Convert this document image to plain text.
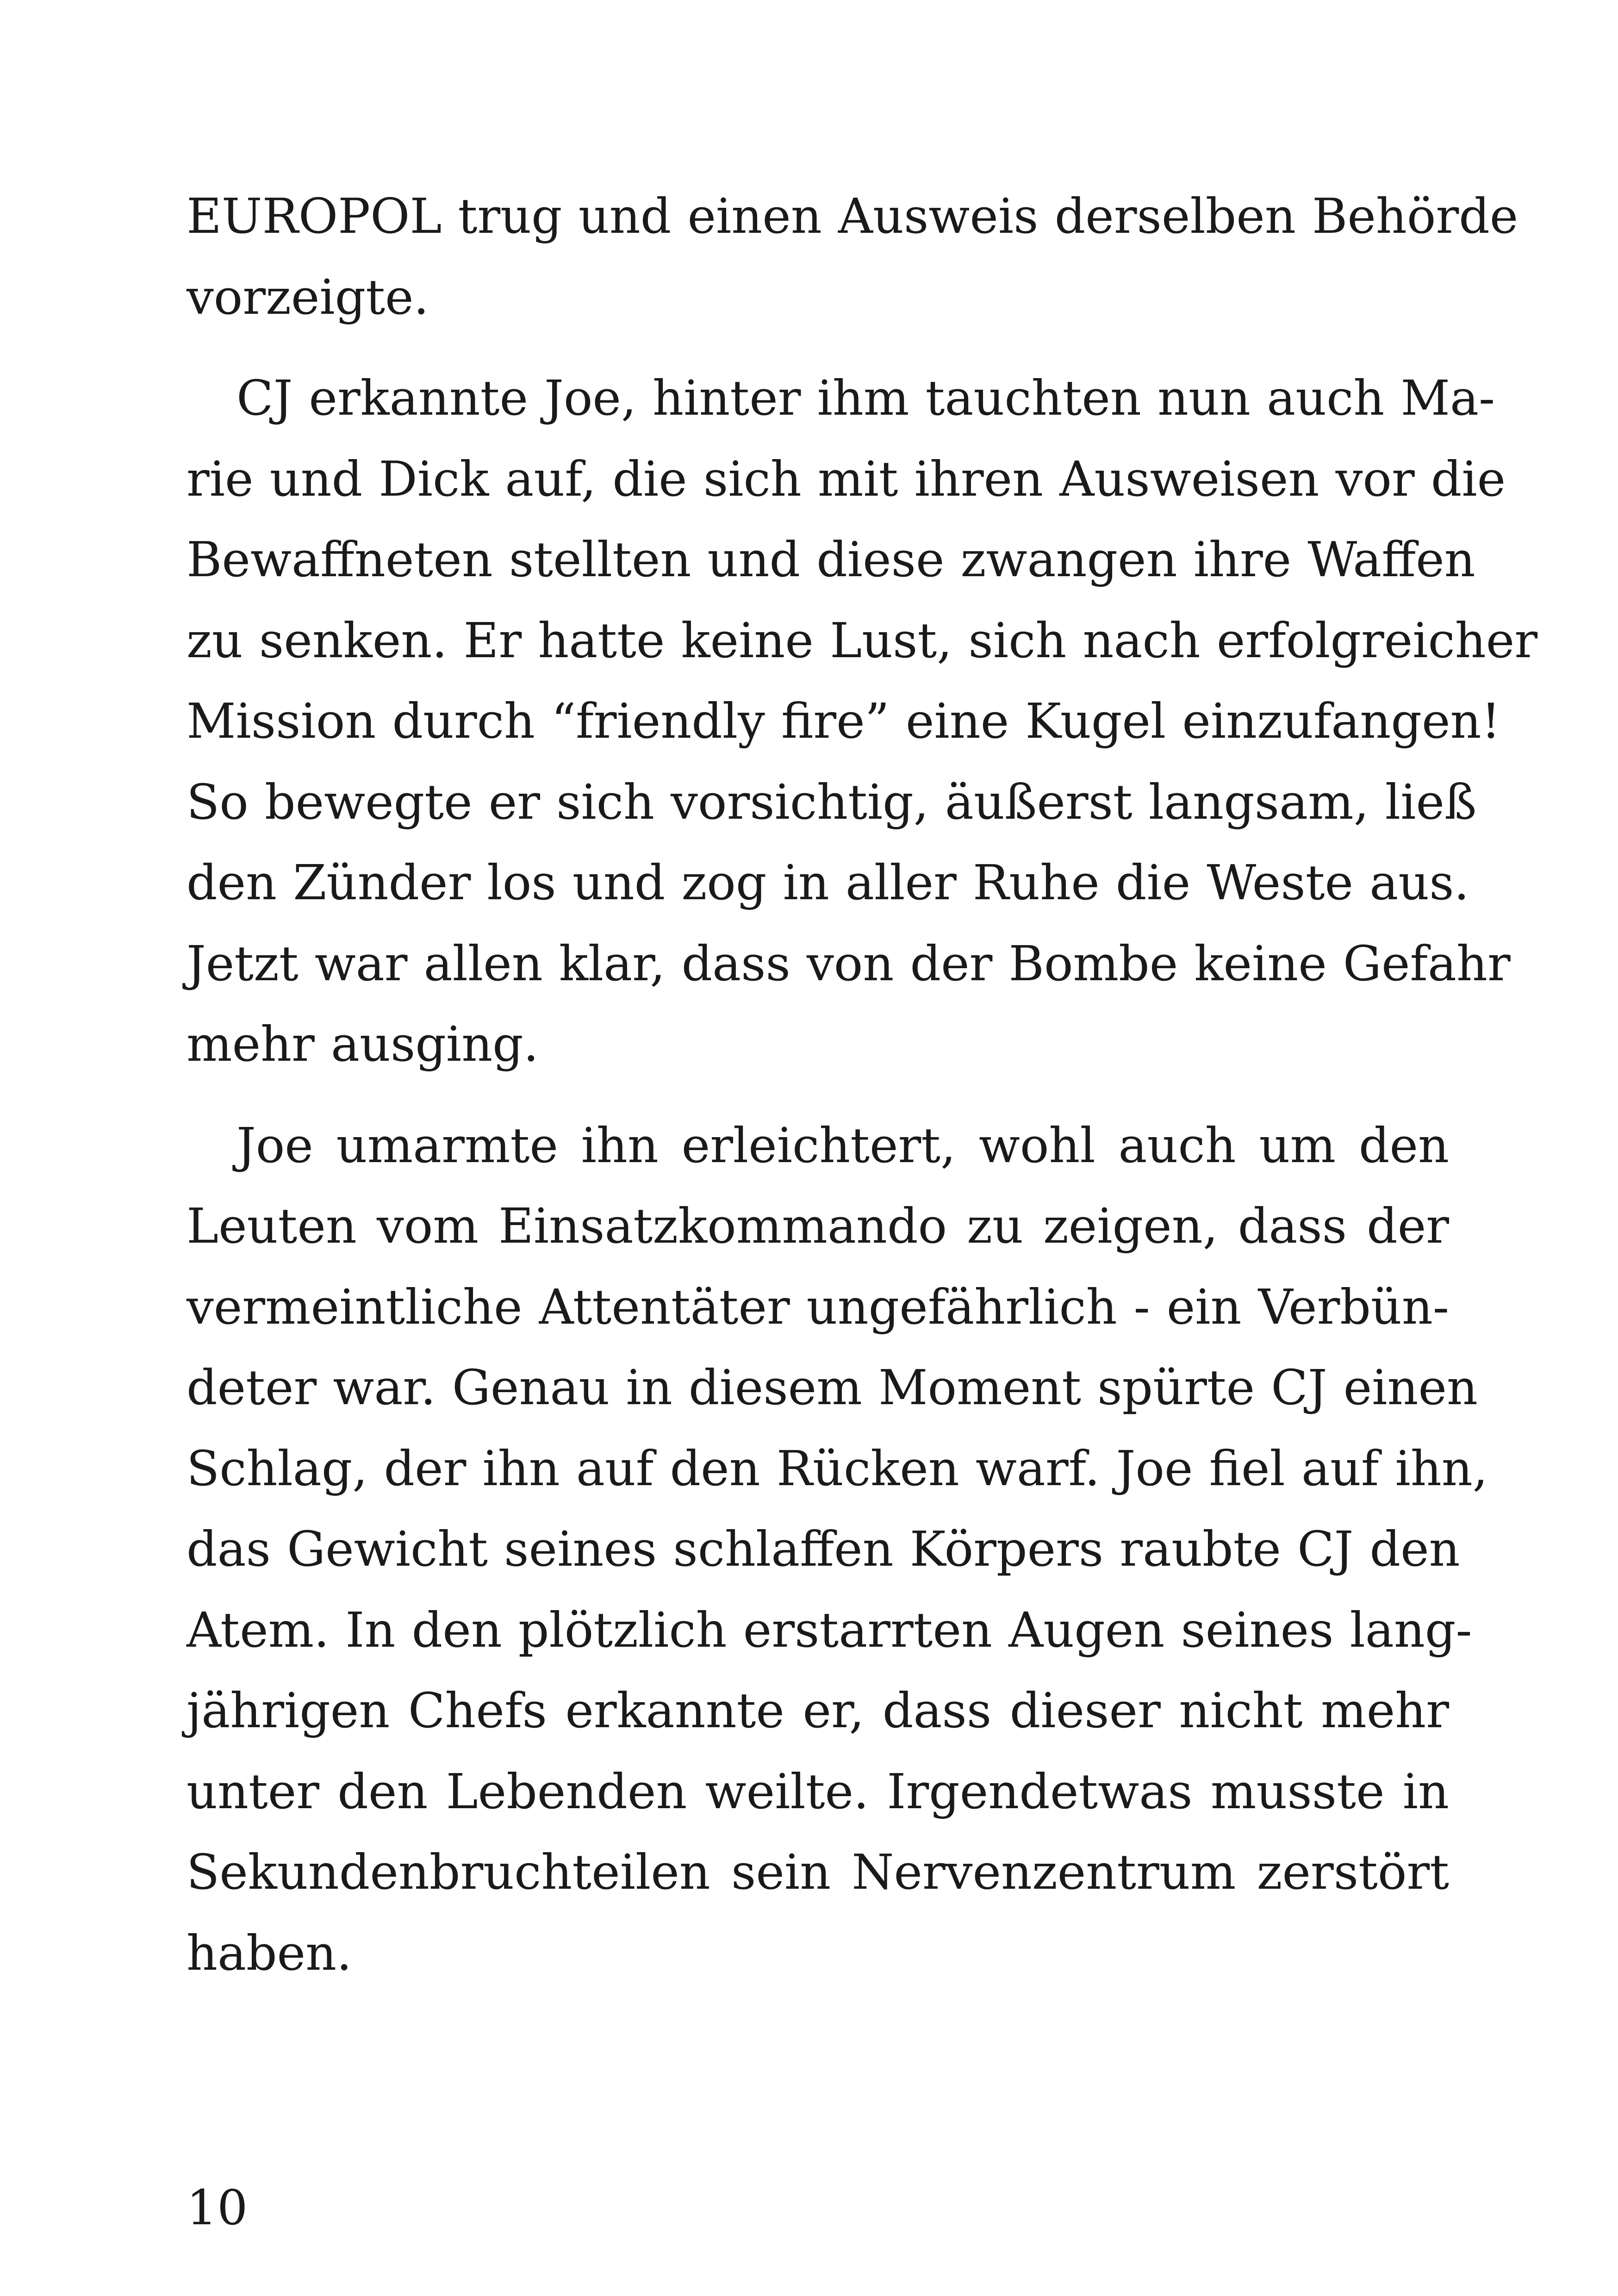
EUROPOL trug und einen Ausweis derselben Behörde
vorzeigte.
CJ erkannte Joe, hinter ihm tauchten nun auch Ma-
rie und Dick auf, die sich mit ihren Ausweisen vor die
Bewaffneten stellten und diese zwangen ihre Waffen
zu senken. Er hatte keine Lust, sich nach erfolgreicher
Mission durch “friendly fire” eine Kugel einzufangen!
So bewegte er sich vorsichtig, äußerst langsam, ließ
den Zünder los und zog in aller Ruhe die Weste aus.
Jetzt war allen klar, dass von der Bombe keine Gefahr
mehr ausging.
Joe umarmte ihn erleichtert, wohl auch um den
Leuten vom Einsatzkommando zu zeigen, dass der
vermeintliche Attentäter ungefährlich - ein Verbün-
deter war. Genau in diesem Moment spürte CJ einen
Schlag, der ihn auf den Rücken warf. Joe fiel auf ihn,
das Gewicht seines schlaffen Körpers raubte CJ den
Atem. In den plötzlich erstarrten Augen seines lang-
jährigen Chefs erkannte er, dass dieser nicht mehr
unter den Lebenden weilte. Irgendetwas musste in
Sekundenbruchteilen sein Nervenzentrum zerstört
haben.
10
